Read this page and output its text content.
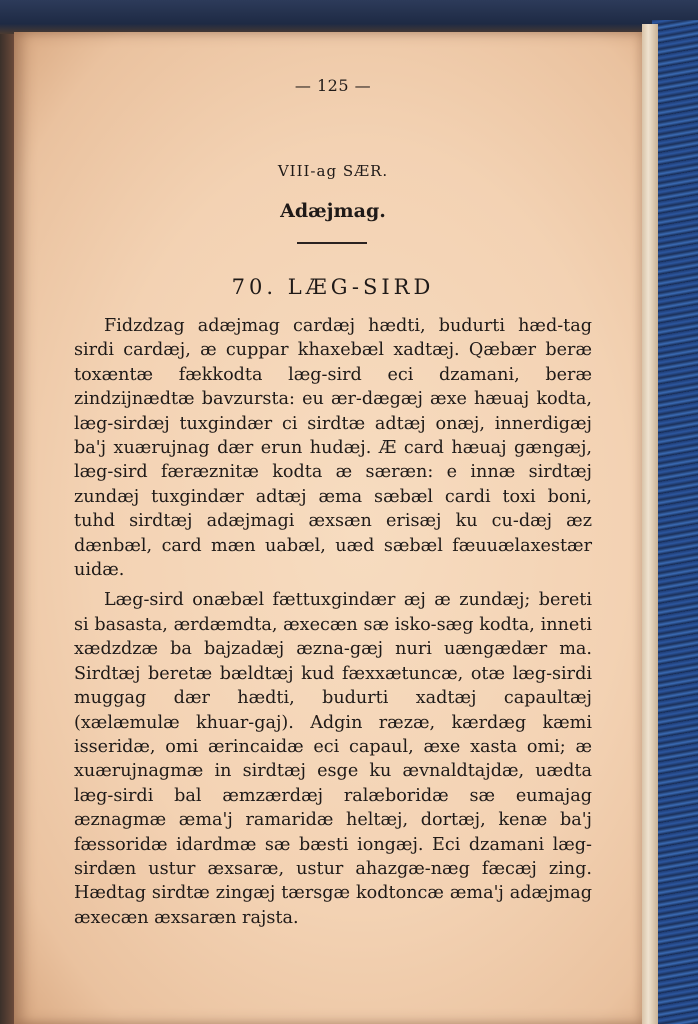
— 125 —
VIII-ag SÆR.
Adæjmag.
70. LÆG-SIRD

Fidzdzag adæjmag cardæj hædti, budurti hæd-tag sirdi cardæj, æ cuppar khaxebæl xadtæj. Qæbær beræ toxæntæ fækkodta læg-sird eci dzamani, beræ zindzijnædtæ bavzursta: eu ær-dægæj æxe hæuaj kodta, læg-sirdæj tuxgindær ci sirdtæ adtæj onæj, innerdigæj ba'j xuærujnag dær erun hudæj. Æ card hæuaj gængæj, læg-sird færæznitæ kodta æ særæn: e innæ sirdtæj zundæj tuxgindær adtæj æma sæbæl cardi toxi boni, tuhd sirdtæj adæjmagi æxsæn erisæj ku cu-dæj æz dænbæl, card mæn uabæl, uæd sæbæl fæuuælaxestær uidæ.

Læg-sird onæbæl fættuxgindær æj æ zundæj; bereti si basasta, ærdæmdta, æxecæn sæ isko-sæg kodta, inneti xædzdzæ ba bajzadæj æzna-gæj nuri uængædær ma. Sirdtæj beretæ bældtæj kud fæxxætuncæ, otæ læg-sirdi muggag dær hædti, budurti xadtæj capaultæj (xælæmulæ khuar-gaj). Adgin ræzæ, kærdæg kæmi isseridæ, omi ærincaidæ eci capaul, æxe xasta omi; æ xuærujnagmæ in sirdtæj esge ku ævnaldtajdæ, uædta læg-sirdi bal æmzærdæj ralæboridæ sæ eumajag æznagmæ æma'j ramaridæ heltæj, dortæj, kenæ ba'j fæssoridæ idardmæ sæ bæsti iongæj. Eci dzamani læg-sirdæn ustur æxsaræ, ustur ahazgæ-næg fæcæj zing. Hædtag sirdtæ zingæj tærsgæ kodtoncæ æma'j adæjmag æxecæn æxsaræn rajsta.
